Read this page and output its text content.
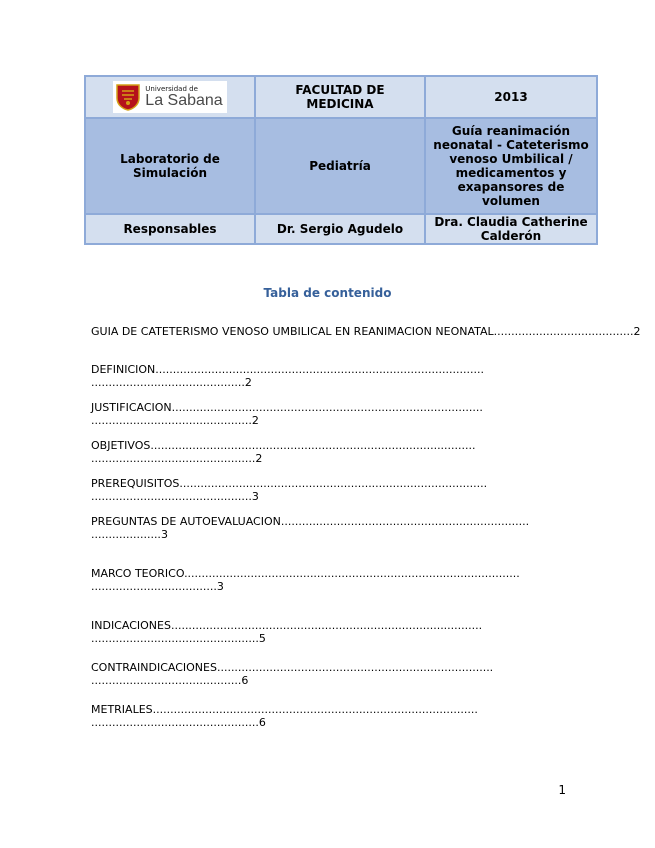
Universidad de
La Sabana	FACULTAD DE MEDICINA	2013
Laboratorio de Simulación	Pediatría	Guía reanimación neonatal - Cateterismo venoso Umbilical / medicamentos y exapansores de volumen
Responsables	Dr. Sergio Agudelo	Dra. Claudia Catherine Calderón
Tabla de contenido
GUIA DE CATETERISMO VENOSO UMBILICAL EN REANIMACION NEONATAL........................................2
DEFINICION..............................................................................................
............................................2
JUSTIFICACION.........................................................................................
..............................................2
OBJETIVOS.............................................................................................
...............................................2
PREREQUISITOS........................................................................................
..............................................3
PREGUNTAS DE AUTOEVALUACION.......................................................................
....................3
MARCO TEORICO................................................................................................
....................................3
INDICACIONES.........................................................................................
................................................5
CONTRAINDICACIONES...............................................................................
...........................................6
METRIALES.............................................................................................
................................................6
1
